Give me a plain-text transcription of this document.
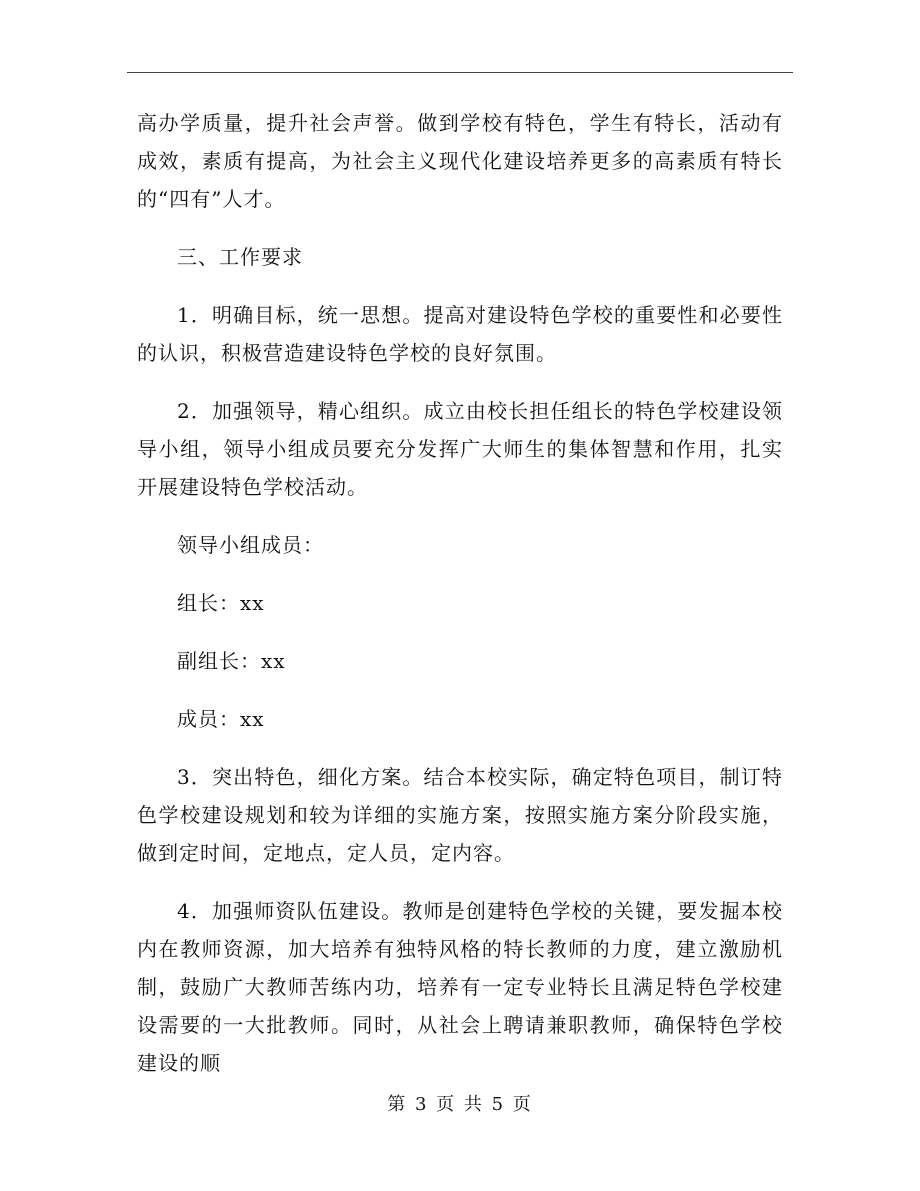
高办学质量，提升社会声誉。做到学校有特色，学生有特长，活动有成效，素质有提高，为社会主义现代化建设培养更多的高素质有特长的“四有”人才。

三、工作要求

1．明确目标，统一思想。提高对建设特色学校的重要性和必要性的认识，积极营造建设特色学校的良好氛围。

2．加强领导，精心组织。成立由校长担任组长的特色学校建设领导小组，领导小组成员要充分发挥广大师生的集体智慧和作用，扎实开展建设特色学校活动。

领导小组成员：

组长：xx

副组长：xx

成员：xx

3．突出特色，细化方案。结合本校实际，确定特色项目，制订特色学校建设规划和较为详细的实施方案，按照实施方案分阶段实施，做到定时间，定地点，定人员，定内容。

4．加强师资队伍建设。教师是创建特色学校的关键，要发掘本校内在教师资源，加大培养有独特风格的特长教师的力度，建立激励机制，鼓励广大教师苦练内功，培养有一定专业特长且满足特色学校建设需要的一大批教师。同时，从社会上聘请兼职教师，确保特色学校建设的顺

第 3 页 共 5 页
